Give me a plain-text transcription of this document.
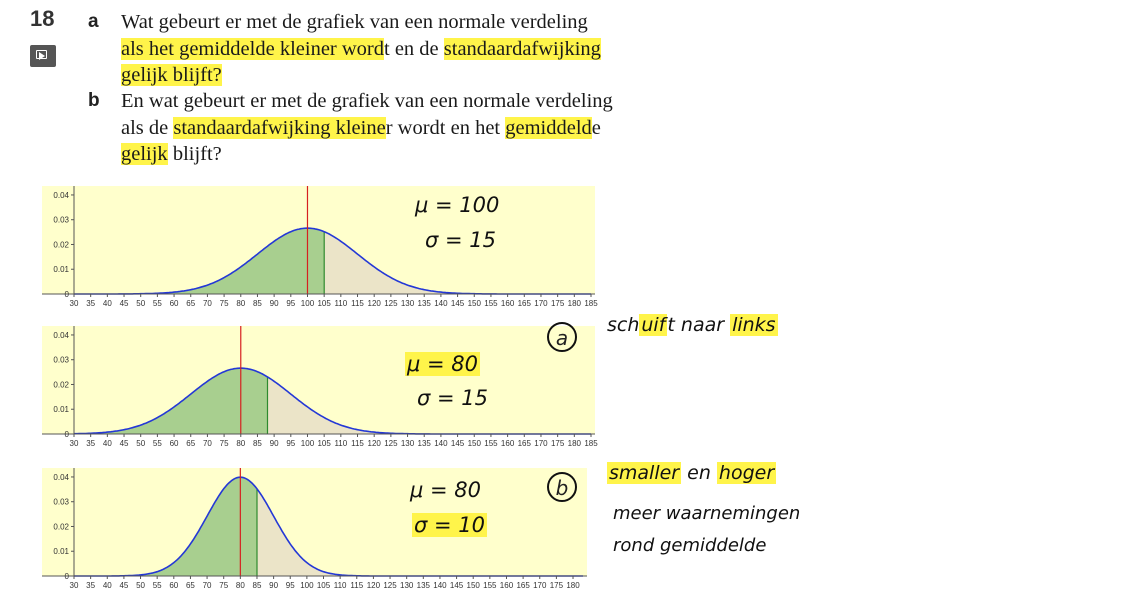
18 a Wat gebeurt er met de grafiek van een normale verdeling
als het gemiddelde kleiner wordt en de standaardafwijking
gelijk blijft?
b En wat gebeurt er met de grafiek van een normale verdeling
als de standaardafwijking kleiner wordt en het gemiddelde
gelijk blijft?
0
0.01
0.02
0.03
0.04
30 35 40 45 50 55 60 65 70 75 80 85 90 95 100 105 110 115 120 125 130 135 140 145 150 155 160 165 170 175 180 185
0
0.01
0.02
0.03
0.04
30 35 40 45 50 55 60 65 70 75 80 85 90 95 100 105 110 115 120 125 130 135 140 145 150 155 160 165 170 175 180 185
0
0.01
0.02
0.03
0.04
30 35 40 45 50 55 60 65 70 75 80 85 90 95 100 105 110 115 120 125 130 135 140 145 150 155 160 165 170 175 180
μ = 100
σ = 15
μ = 80
σ = 15
μ = 80
σ = 10
a
b
sch uif t naar links
smaller en hoger
meer waarnemingen
rond gemiddelde
